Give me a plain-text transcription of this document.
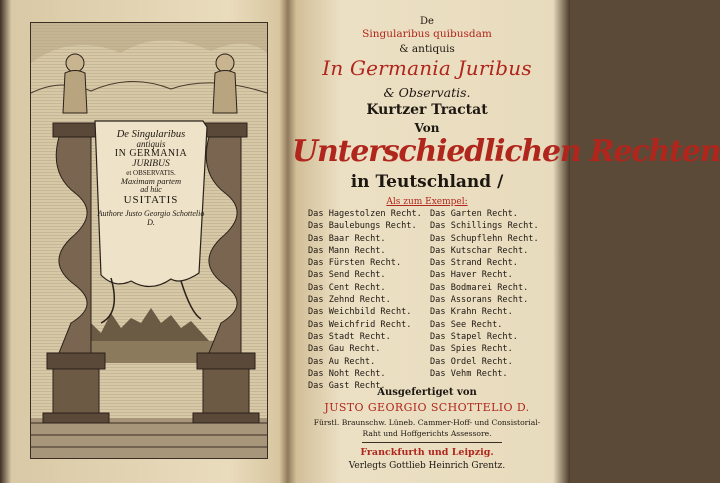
De Singularibus
antiquis
IN GERMANIA
JURIBUS
et OBSERVATIS.
Maximam partem
ad hüc
USITATIS
Authore Justo Georgio Schottelio D.
De
Singularibus quibusdam
& antiquis
In Germania Juribus
& Observatis.
Kurtzer Tractat
Von
Unterschiedlichen Rechten
in Teutschland /
Als zum Exempel:
Das Hagestolzen Recht.
Das Baulebungs Recht.
Das Baar Recht.
Das Mann Recht.
Das Fürsten Recht.
Das Send Recht.
Das Cent Recht.
Das Zehnd Recht.
Das Weichbild Recht.
Das Weichfrid Recht.
Das Stadt Recht.
Das Gau Recht.
Das Au Recht.
Das Noht Recht.
Das Gast Recht.
Das Garten Recht.
Das Schillings Recht.
Das Schupflehn Recht.
Das Kutschar Recht.
Das Strand Recht.
Das Haver Recht.
Das Bodmarei Recht.
Das Assorans Recht.
Das Krahn Recht.
Das See Recht.
Das Stapel Recht.
Das Spies Recht.
Das Ordel Recht.
Das Vehm Recht.
Ausgefertiget von
JUSTO GEORGIO SCHOTTELIO D.
Fürstl. Braunschw. Lüneb. Cammer-Hoff- und Consistorial-
Raht und Hoffgerichts Assessore.
Franckfurth und Leipzig.
Verlegts Gottlieb Heinrich Grentz.
